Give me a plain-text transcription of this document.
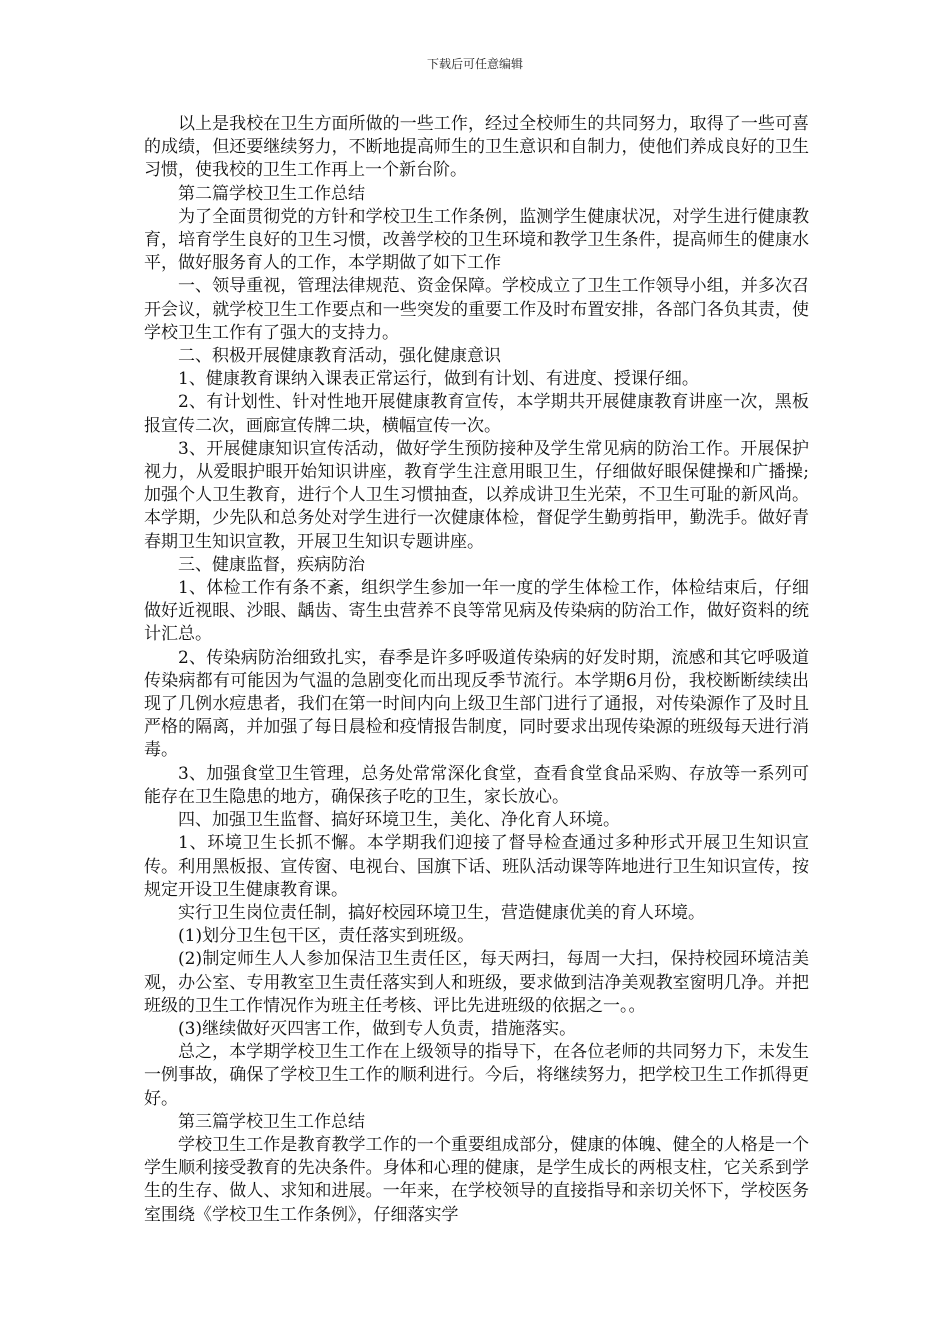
下载后可任意编辑

以上是我校在卫生方面所做的一些工作，经过全校师生的共同努力，取得了一些可喜的成绩，但还要继续努力，不断地提高师生的卫生意识和自制力，使他们养成良好的卫生习惯，使我校的卫生工作再上一个新台阶。

第二篇学校卫生工作总结

为了全面贯彻党的方针和学校卫生工作条例，监测学生健康状况，对学生进行健康教育，培育学生良好的卫生习惯，改善学校的卫生环境和教学卫生条件，提高师生的健康水平，做好服务育人的工作，本学期做了如下工作

一、领导重视，管理法律规范、资金保障。学校成立了卫生工作领导小组，并多次召开会议，就学校卫生工作要点和一些突发的重要工作及时布置安排，各部门各负其责，使学校卫生工作有了强大的支持力。

二、积极开展健康教育活动，强化健康意识

1、健康教育课纳入课表正常运行，做到有计划、有进度、授课仔细。

2、有计划性、针对性地开展健康教育宣传，本学期共开展健康教育讲座一次，黑板报宣传二次，画廊宣传牌二块，横幅宣传一次。

3、开展健康知识宣传活动，做好学生预防接种及学生常见病的防治工作。开展保护视力，从爱眼护眼开始知识讲座，教育学生注意用眼卫生，仔细做好眼保健操和广播操;加强个人卫生教育，进行个人卫生习惯抽查，以养成讲卫生光荣，不卫生可耻的新风尚。本学期，少先队和总务处对学生进行一次健康体检，督促学生勤剪指甲，勤洗手。做好青春期卫生知识宣教，开展卫生知识专题讲座。

三、健康监督，疾病防治

1、体检工作有条不紊，组织学生参加一年一度的学生体检工作，体检结束后，仔细做好近视眼、沙眼、龋齿、寄生虫营养不良等常见病及传染病的防治工作，做好资料的统计汇总。

2、传染病防治细致扎实，春季是许多呼吸道传染病的好发时期，流感和其它呼吸道传染病都有可能因为气温的急剧变化而出现反季节流行。本学期6月份，我校断断续续出现了几例水痘患者，我们在第一时间内向上级卫生部门进行了通报，对传染源作了及时且严格的隔离，并加强了每日晨检和疫情报告制度，同时要求出现传染源的班级每天进行消毒。

3、加强食堂卫生管理，总务处常常深化食堂，查看食堂食品采购、存放等一系列可能存在卫生隐患的地方，确保孩子吃的卫生，家长放心。

四、加强卫生监督、搞好环境卫生，美化、净化育人环境。

1、环境卫生长抓不懈。本学期我们迎接了督导检查通过多种形式开展卫生知识宣传。利用黑板报、宣传窗、电视台、国旗下话、班队活动课等阵地进行卫生知识宣传，按规定开设卫生健康教育课。

实行卫生岗位责任制，搞好校园环境卫生，营造健康优美的育人环境。

(1)划分卫生包干区，责任落实到班级。

(2)制定师生人人参加保洁卫生责任区，每天两扫，每周一大扫，保持校园环境洁美观，办公室、专用教室卫生责任落实到人和班级，要求做到洁净美观教室窗明几净。并把班级的卫生工作情况作为班主任考核、评比先进班级的依据之一。。

(3)继续做好灭四害工作，做到专人负责，措施落实。

总之，本学期学校卫生工作在上级领导的指导下，在各位老师的共同努力下，未发生一例事故，确保了学校卫生工作的顺利进行。今后，将继续努力，把学校卫生工作抓得更好。

第三篇学校卫生工作总结

学校卫生工作是教育教学工作的一个重要组成部分，健康的体魄、健全的人格是一个学生顺利接受教育的先决条件。身体和心理的健康，是学生成长的两根支柱，它关系到学生的生存、做人、求知和进展。一年来，在学校领导的直接指导和亲切关怀下，学校医务室围绕《学校卫生工作条例》，仔细落实学
